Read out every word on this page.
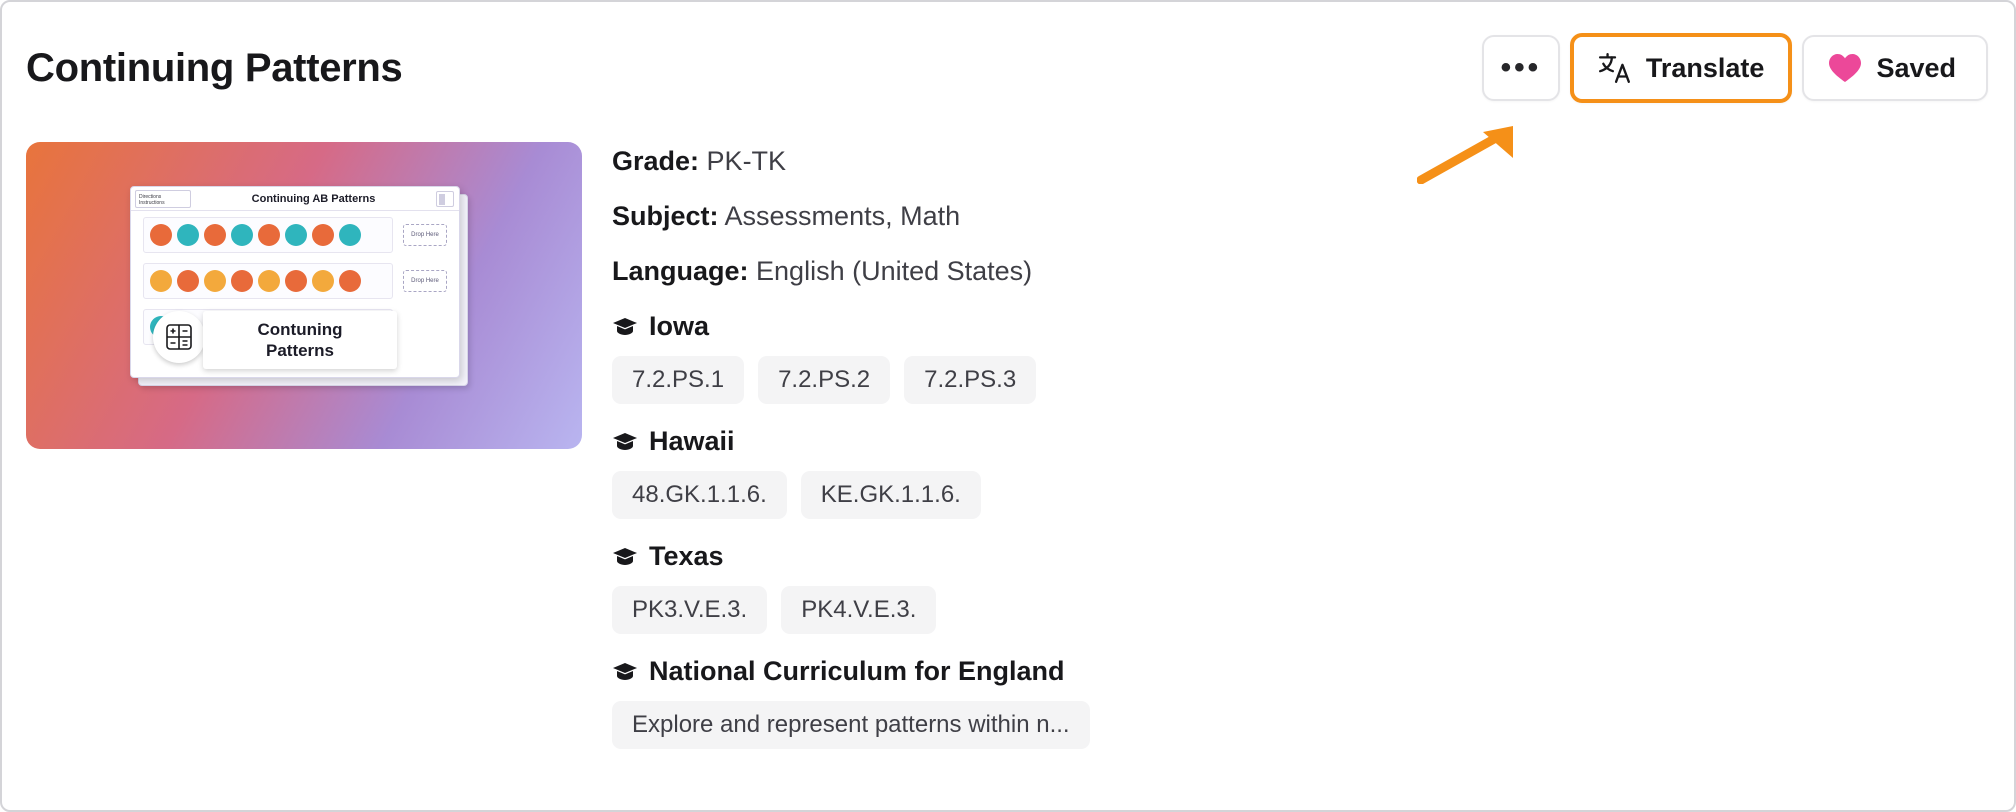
Continuing Patterns	•••	Translate	Saved
Directions Instructions	Continuing AB Patterns
Drop Here
Drop Here
Contuning
Patterns
Grade: PK-TK
Subject: Assessments, Math
Language: English (United States)
Iowa
7.2.PS.1	7.2.PS.2	7.2.PS.3
Hawaii
48.GK.1.1.6.	KE.GK.1.1.6.
Texas
PK3.V.E.3.	PK4.V.E.3.
National Curriculum for England
Explore and represent patterns within n...
